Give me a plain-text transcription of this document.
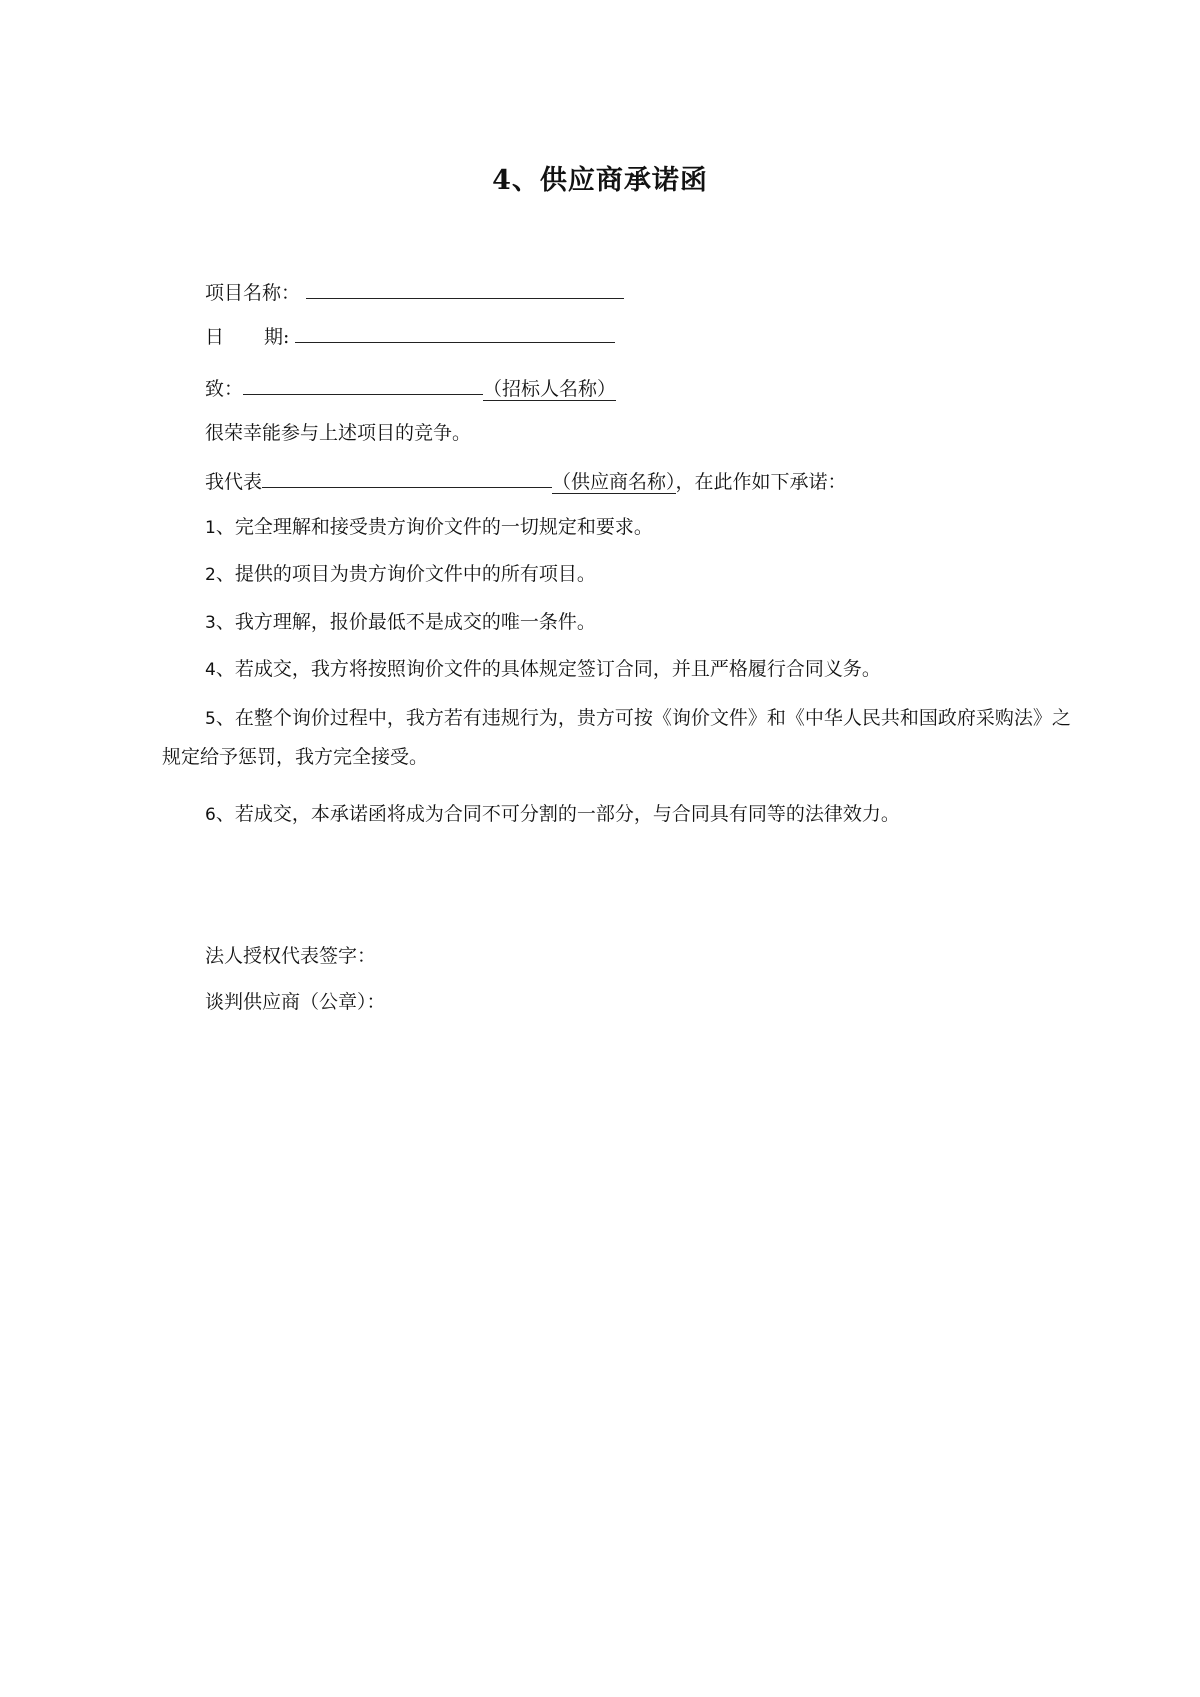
4、供应商承诺函
项目名称：
日 期:
致：	（招标人名称）
很荣幸能参与上述项目的竞争。
我代表	（供应商名称），在此作如下承诺：
1、完全理解和接受贵方询价文件的一切规定和要求。
2、提供的项目为贵方询价文件中的所有项目。
3、我方理解，报价最低不是成交的唯一条件。
4、若成交，我方将按照询价文件的具体规定签订合同，并且严格履行合同义务。
5、在整个询价过程中，我方若有违规行为，贵方可按《询价文件》和《中华人民共和国政府采购法》之规定给予惩罚，我方完全接受。
6、若成交，本承诺函将成为合同不可分割的一部分，与合同具有同等的法律效力。
法人授权代表签字：
谈判供应商（公章）：
